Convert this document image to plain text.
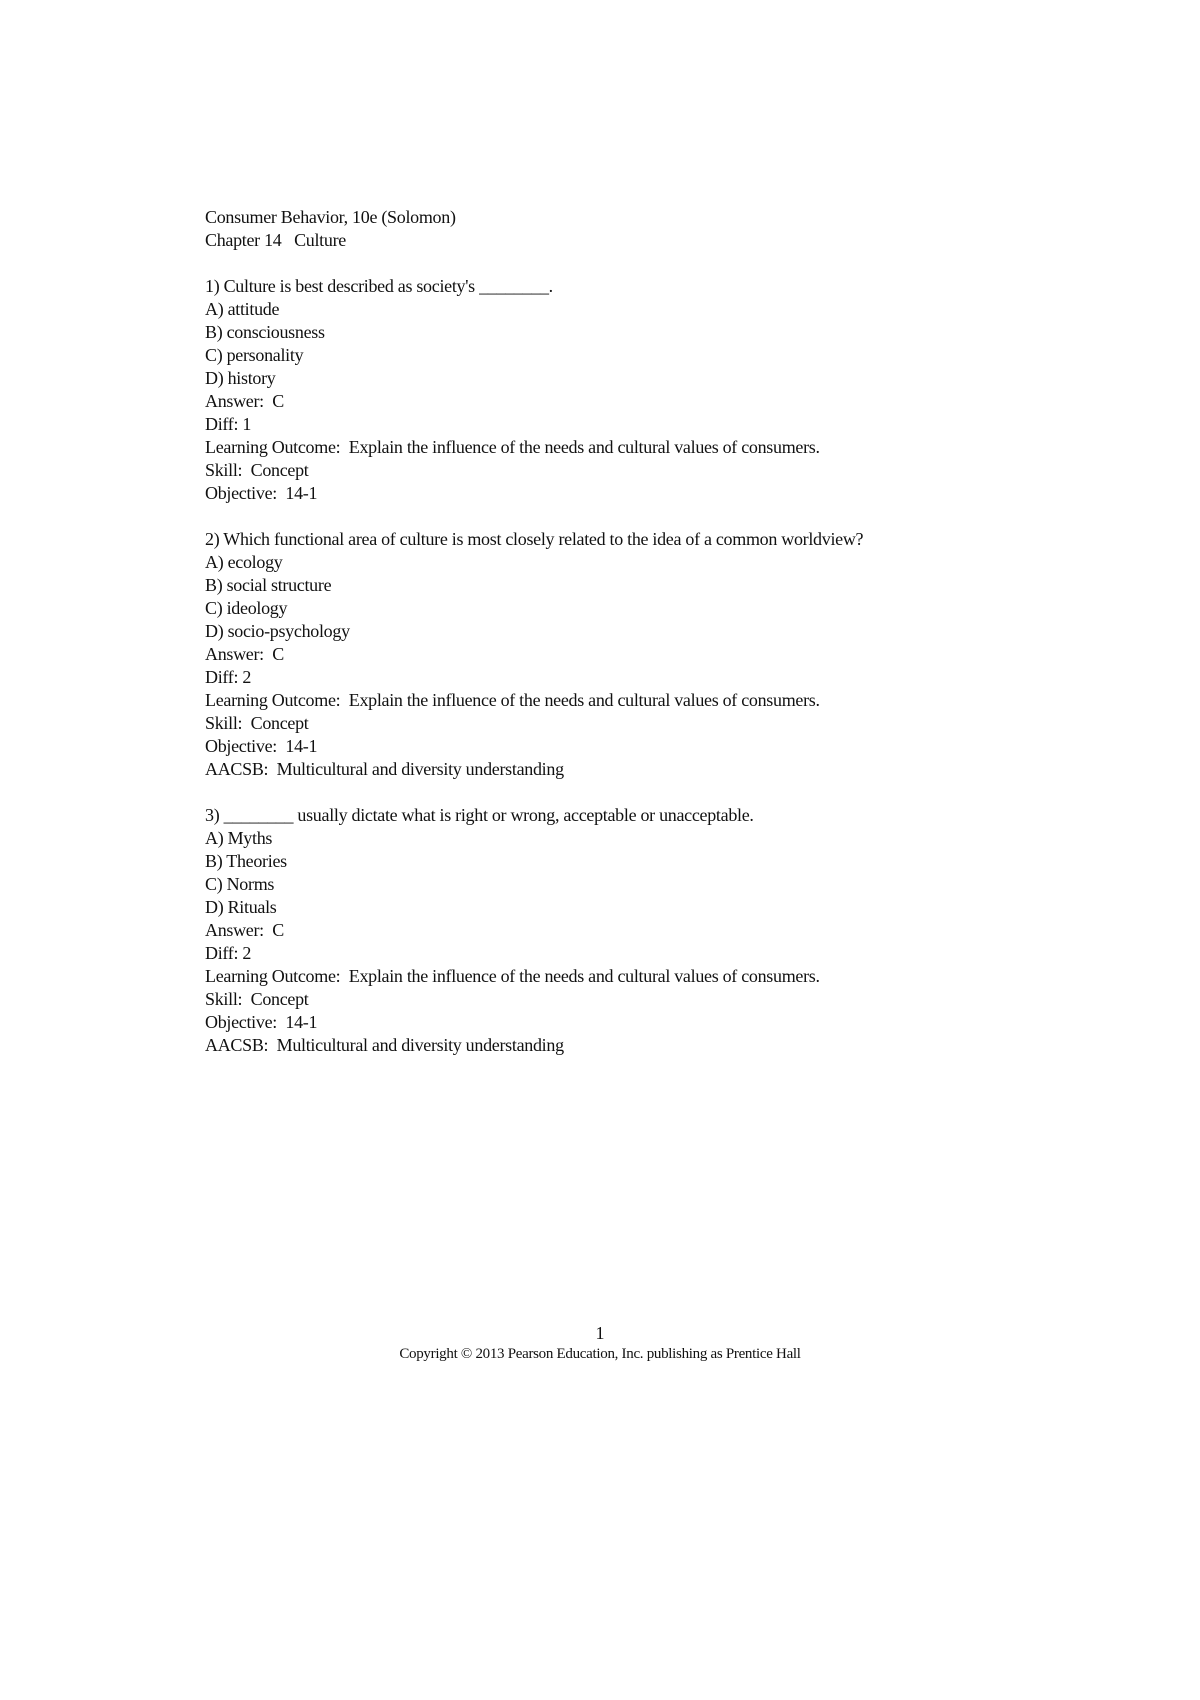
Consumer Behavior, 10e (Solomon)
Chapter 14   Culture
1) Culture is best described as society's ________.
A) attitude
B) consciousness
C) personality
D) history
Answer:  C
Diff: 1
Learning Outcome:  Explain the influence of the needs and cultural values of consumers.
Skill:  Concept
Objective:  14-1
2) Which functional area of culture is most closely related to the idea of a common worldview?
A) ecology
B) social structure
C) ideology
D) socio-psychology
Answer:  C
Diff: 2
Learning Outcome:  Explain the influence of the needs and cultural values of consumers.
Skill:  Concept
Objective:  14-1
AACSB:  Multicultural and diversity understanding
3) ________ usually dictate what is right or wrong, acceptable or unacceptable.
A) Myths
B) Theories
C) Norms
D) Rituals
Answer:  C
Diff: 2
Learning Outcome:  Explain the influence of the needs and cultural values of consumers.
Skill:  Concept
Objective:  14-1
AACSB:  Multicultural and diversity understanding
1
Copyright © 2013 Pearson Education, Inc. publishing as Prentice Hall
